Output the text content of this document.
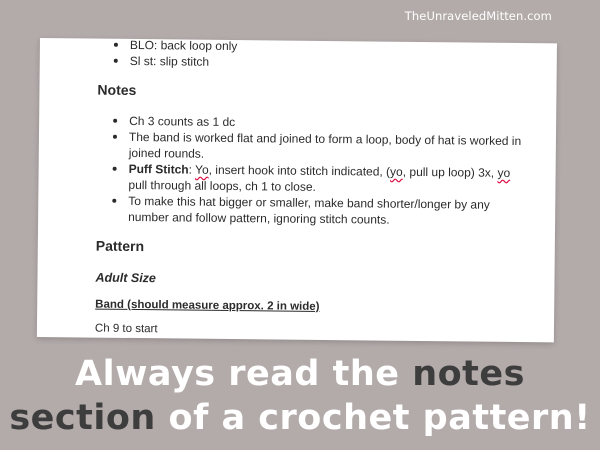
TheUnraveledMitten.com
BLO: back loop only
Sl st: slip stitch
Notes
Ch 3 counts as 1 dc
The band is worked flat and joined to form a loop, body of hat is worked in
joined rounds.
Puff Stitch: Yo, insert hook into stitch indicated, (yo, pull up loop) 3x, yo
pull through all loops, ch 1 to close.
To make this hat bigger or smaller, make band shorter/longer by any
number and follow pattern, ignoring stitch counts.
Pattern
Adult Size
Band (should measure approx. 2 in wide)
Ch 9 to start
Always read the notes
section of a crochet pattern!
